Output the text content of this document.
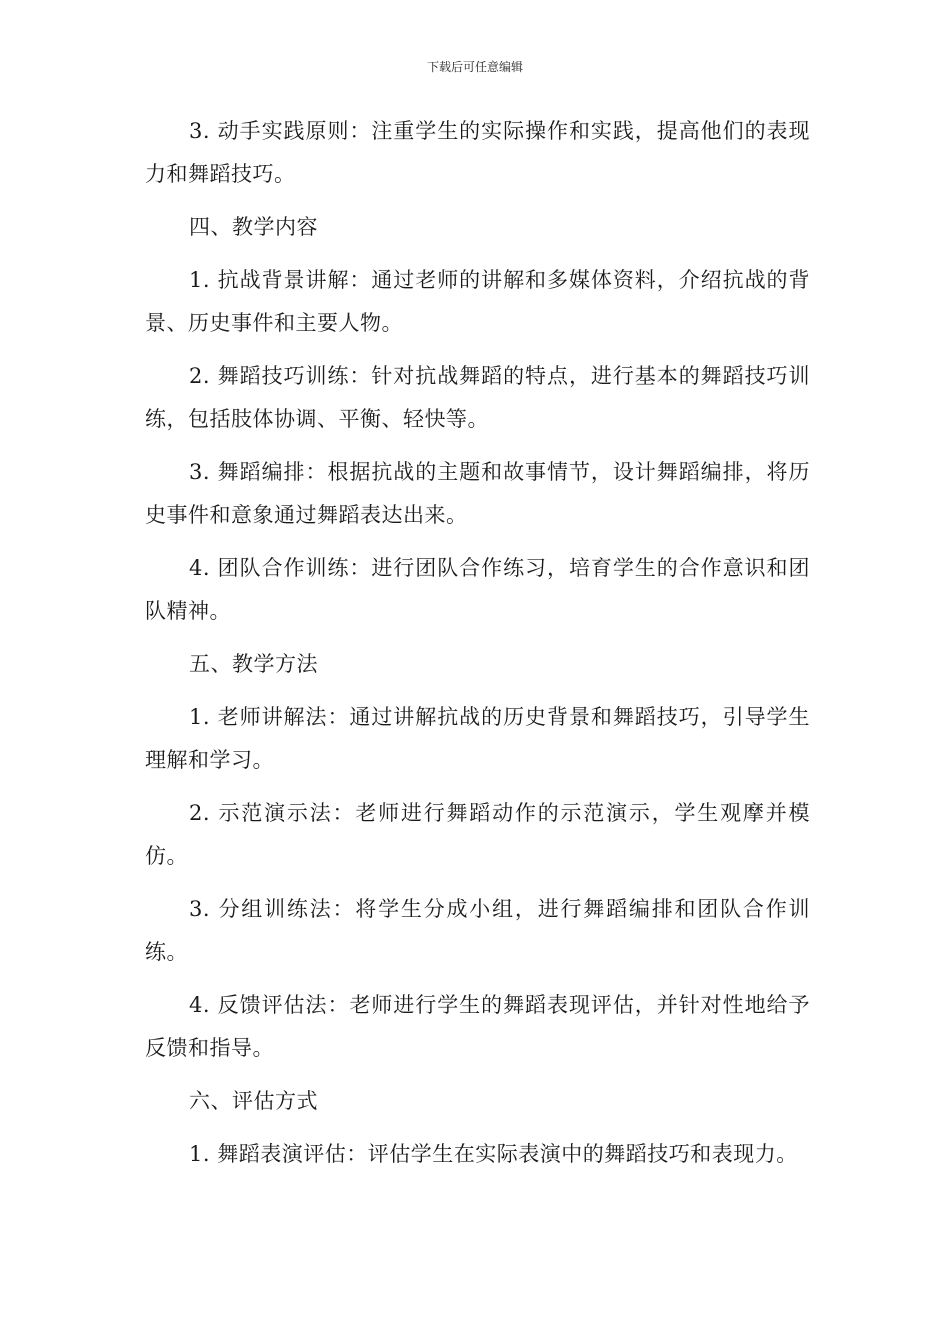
下载后可任意编辑

3. 动手实践原则：注重学生的实际操作和实践，提高他们的表现力和舞蹈技巧。

四、教学内容

1. 抗战背景讲解：通过老师的讲解和多媒体资料，介绍抗战的背景、历史事件和主要人物。

2. 舞蹈技巧训练：针对抗战舞蹈的特点，进行基本的舞蹈技巧训练，包括肢体协调、平衡、轻快等。

3. 舞蹈编排：根据抗战的主题和故事情节，设计舞蹈编排，将历史事件和意象通过舞蹈表达出来。

4. 团队合作训练：进行团队合作练习，培育学生的合作意识和团队精神。

五、教学方法

1. 老师讲解法：通过讲解抗战的历史背景和舞蹈技巧，引导学生理解和学习。

2. 示范演示法：老师进行舞蹈动作的示范演示，学生观摩并模仿。

3. 分组训练法：将学生分成小组，进行舞蹈编排和团队合作训练。

4. 反馈评估法：老师进行学生的舞蹈表现评估，并针对性地给予反馈和指导。

六、评估方式

1. 舞蹈表演评估：评估学生在实际表演中的舞蹈技巧和表现力。
